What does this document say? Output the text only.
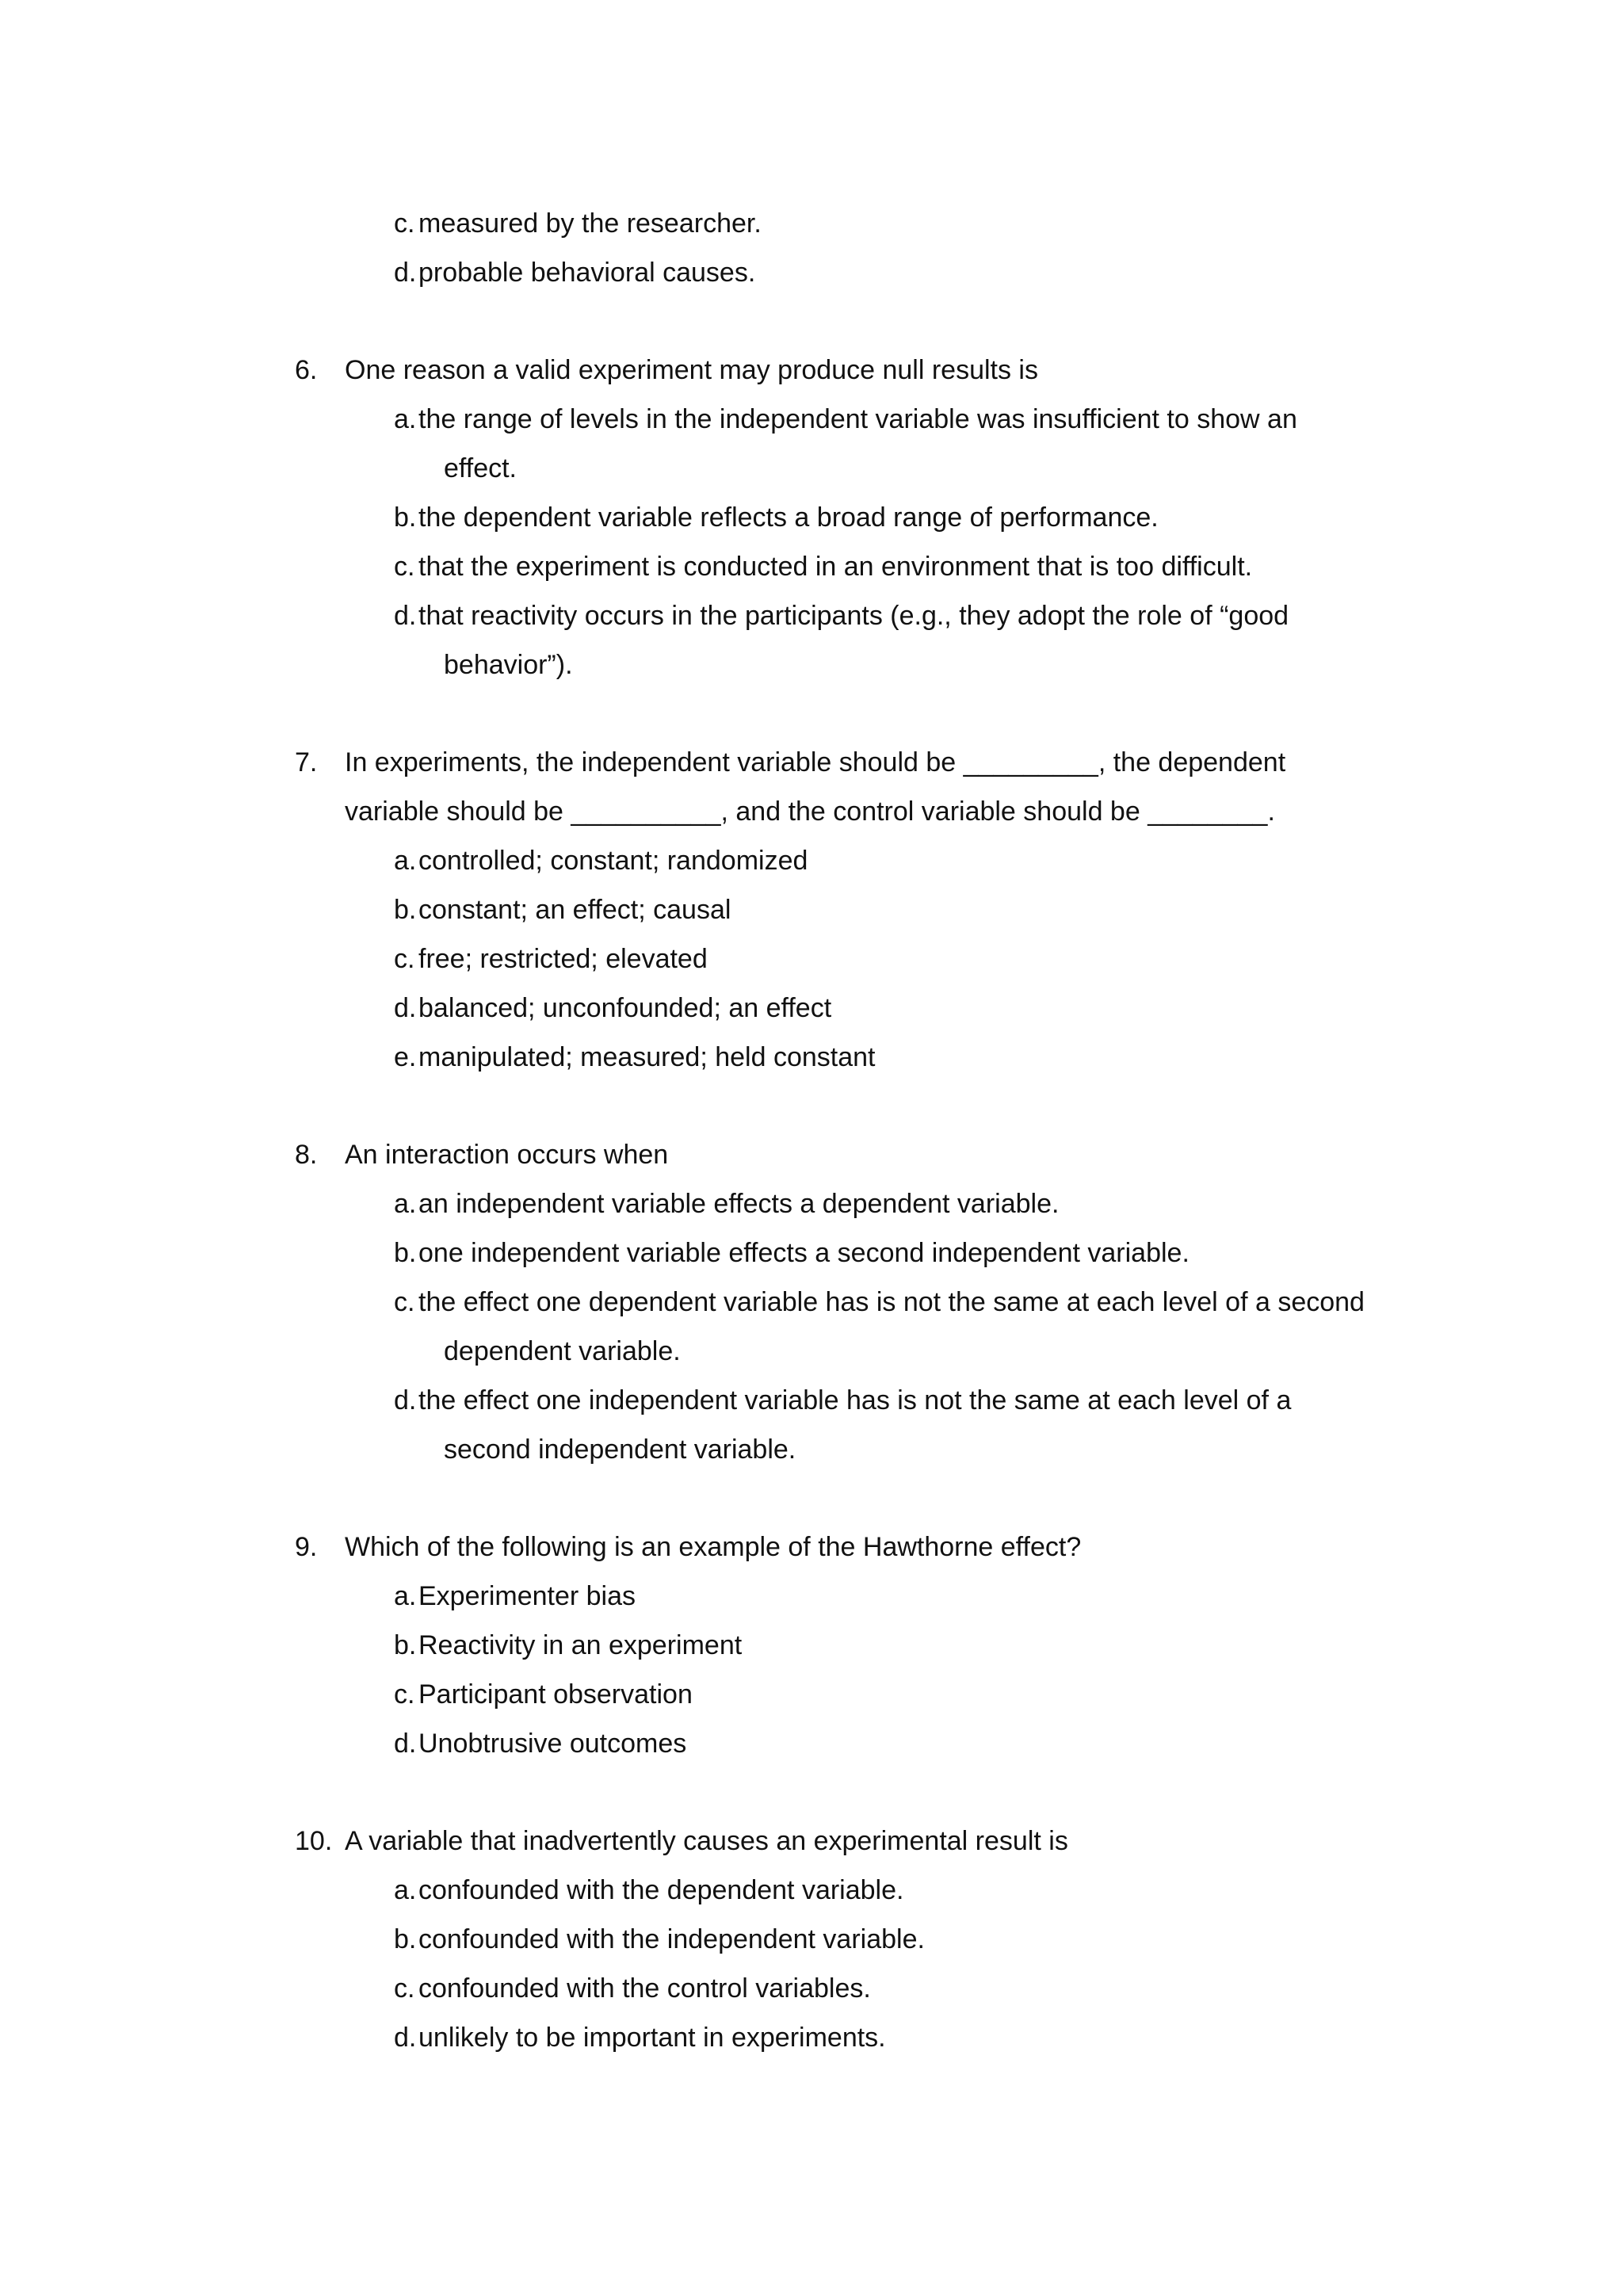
c. measured by the researcher.
d. probable behavioral causes.
6. One reason a valid experiment may produce null results is
a. the range of levels in the independent variable was insufficient to show an
effect.
b. the dependent variable reflects a broad range of performance.
c. that the experiment is conducted in an environment that is too difficult.
d. that reactivity occurs in the participants (e.g., they adopt the role of “good
behavior”).
7. In experiments, the independent variable should be _________, the dependent
variable should be __________, and the control variable should be ________.
a. controlled; constant; randomized
b. constant; an effect; causal
c. free; restricted; elevated
d. balanced; unconfounded; an effect
e. manipulated; measured; held constant
8. An interaction occurs when
a. an independent variable effects a dependent variable.
b. one independent variable effects a second independent variable.
c. the effect one dependent variable has is not the same at each level of a second
dependent variable.
d. the effect one independent variable has is not the same at each level of a
second independent variable.
9. Which of the following is an example of the Hawthorne effect?
a. Experimenter bias
b. Reactivity in an experiment
c. Participant observation
d. Unobtrusive outcomes
10. A variable that inadvertently causes an experimental result is
a. confounded with the dependent variable.
b. confounded with the independent variable.
c. confounded with the control variables.
d. unlikely to be important in experiments.
